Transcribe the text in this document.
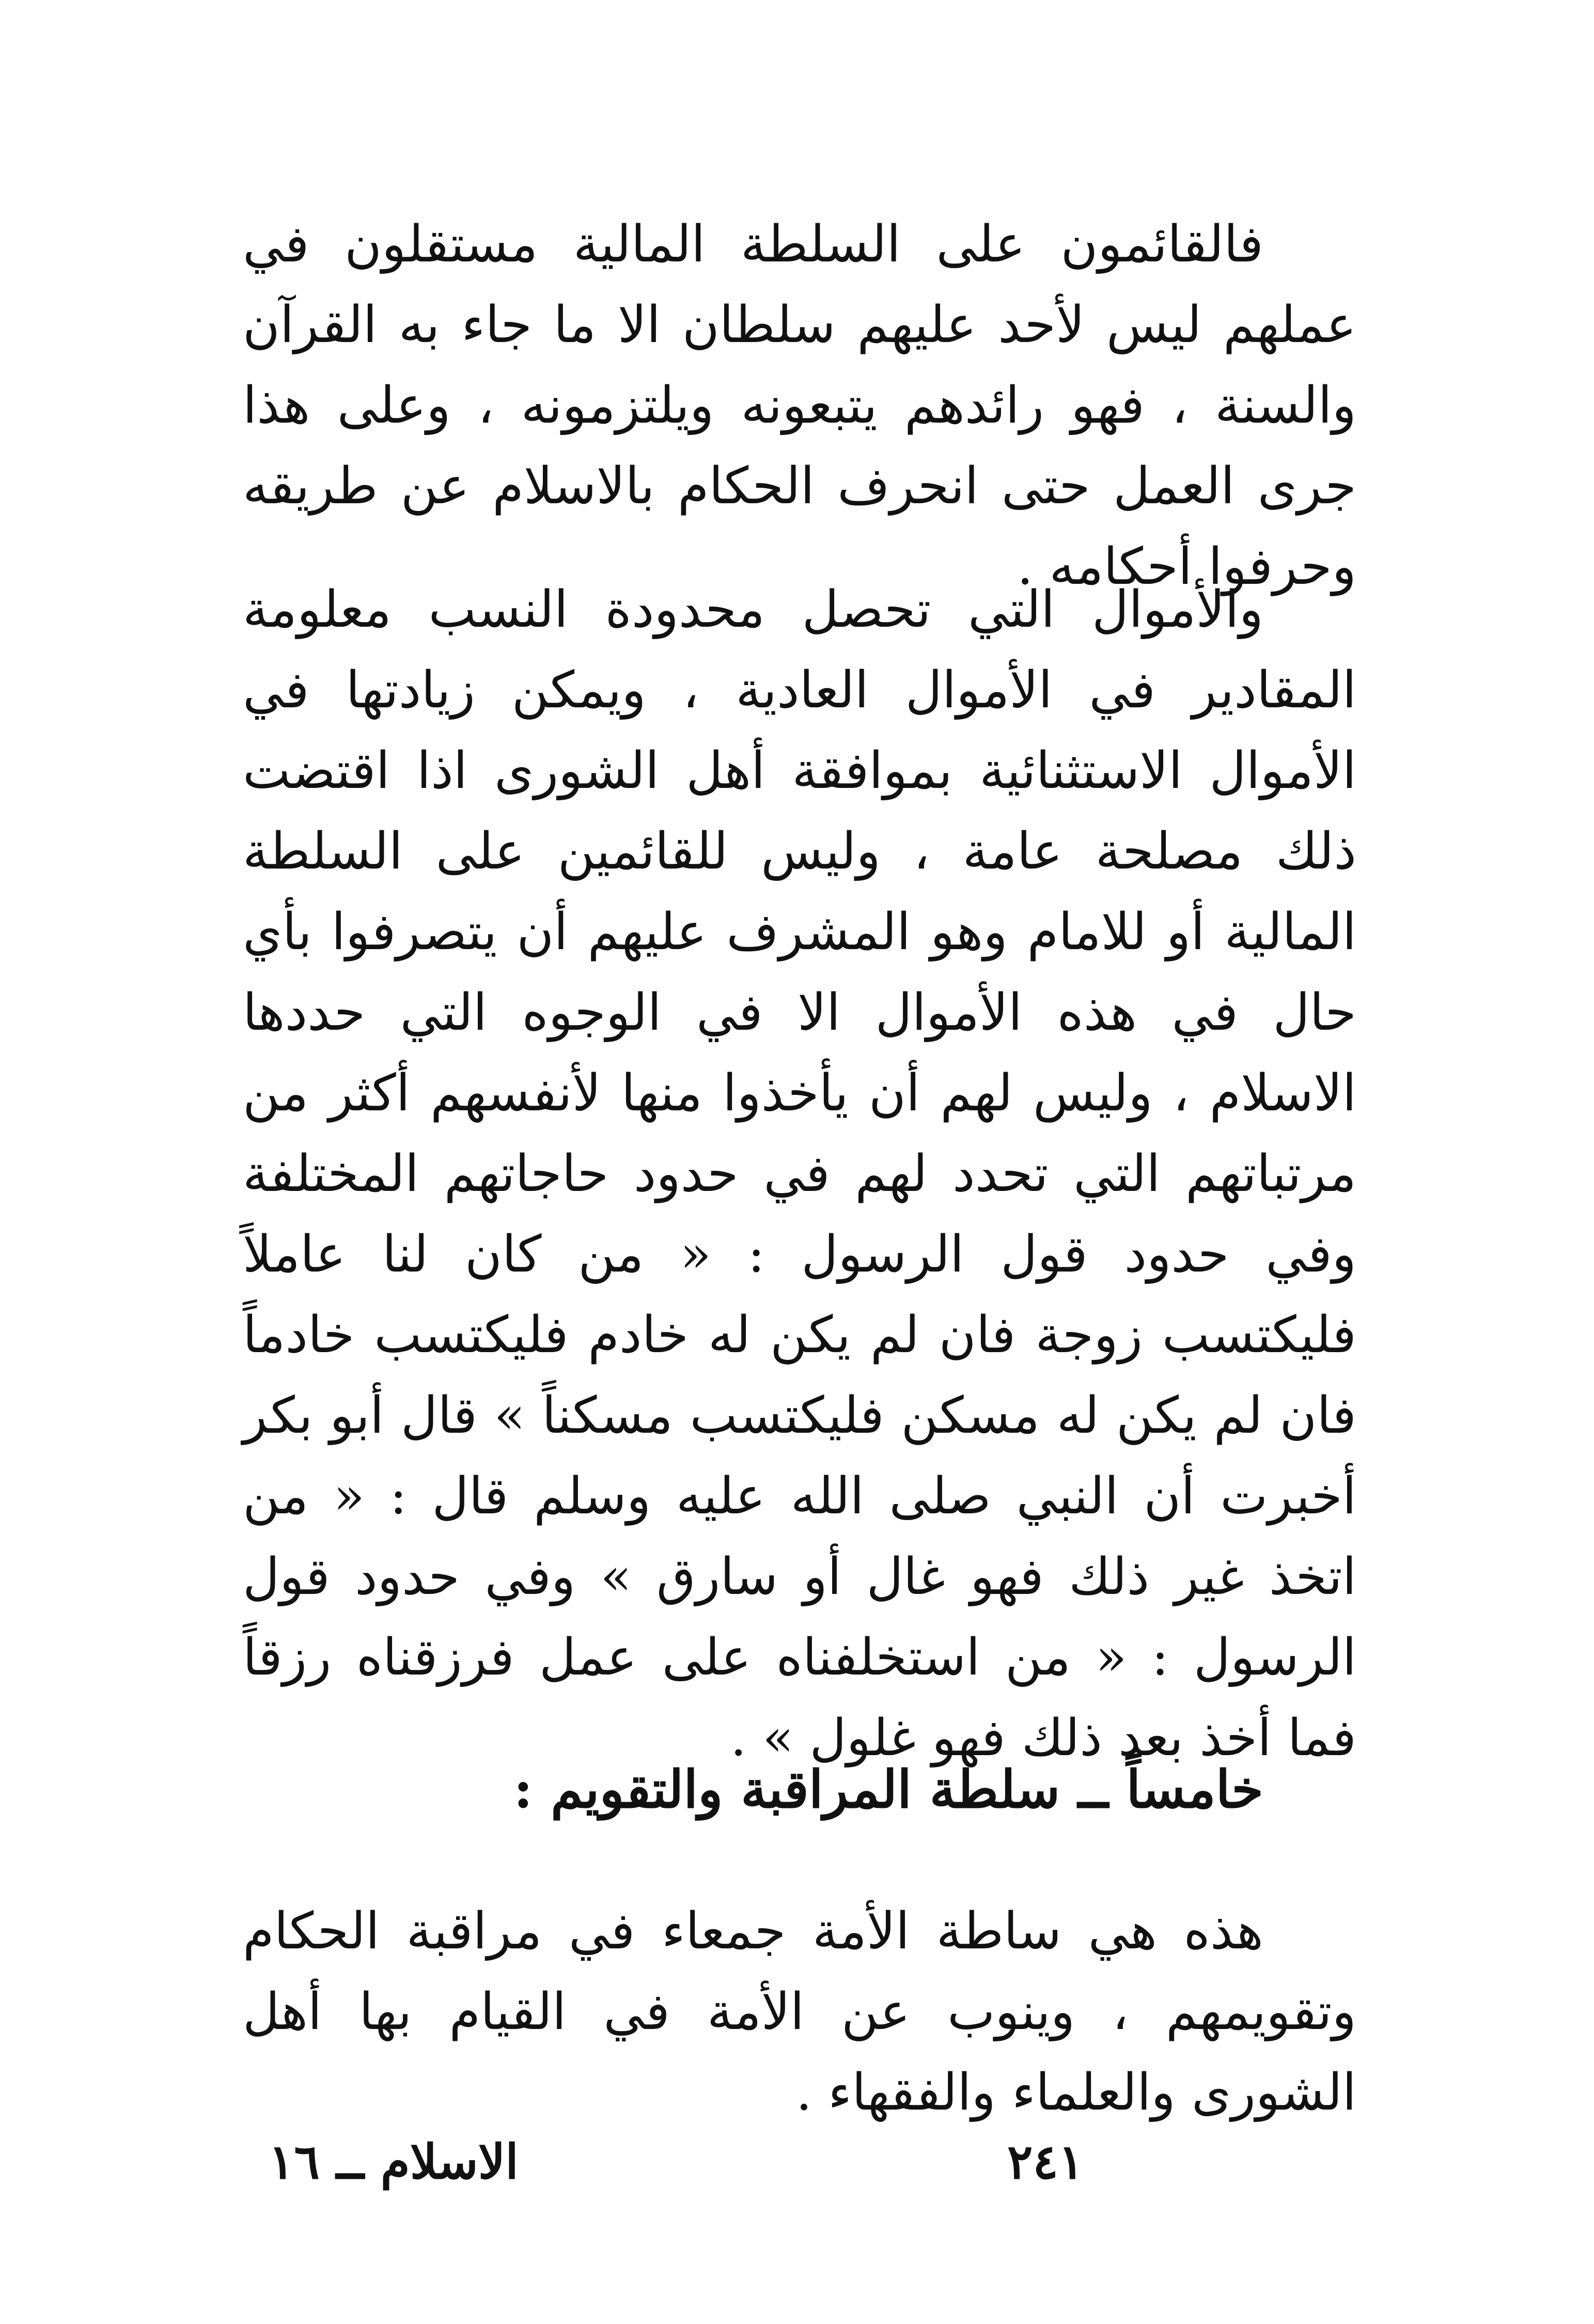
فالقائمون على السلطة المالية مستقلون في عملهم ليس لأحد عليهم سلطان الا ما جاء به القرآن والسنة ، فهو رائدهم يتبعونه ويلتزمونه ، وعلى هذا جرى العمل حتى انحرف الحكام بالاسلام عن طريقه وحرفوا أحكامه .

والأموال التي تحصل محدودة النسب معلومة المقادير في الأموال العادية ، ويمكن زيادتها في الأموال الاستثنائية بموافقة أهل الشورى اذا اقتضت ذلك مصلحة عامة ، وليس للقائمين على السلطة المالية أو للامام وهو المشرف عليهم أن يتصرفوا بأي حال في هذه الأموال الا في الوجوه التي حددها الاسلام ، وليس لهم أن يأخذوا منها لأنفسهم أكثر من مرتباتهم التي تحدد لهم في حدود حاجاتهم المختلفة وفي حدود قول الرسول : « من كان لنا عاملاً فليكتسب زوجة فان لم يكن له خادم فليكتسب خادماً فان لم يكن له مسكن فليكتسب مسكناً » قال أبو بكر أخبرت أن النبي صلى الله عليه وسلم قال : « من اتخذ غير ذلك فهو غال أو سارق » وفي حدود قول الرسول : « من استخلفناه على عمل فرزقناه رزقاً فما أخذ بعد ذلك فهو غلول » .

خامساً ــ سلطة المراقبة والتقويم :

هذه هي ساطة الأمة جمعاء في مراقبة الحكام وتقويمهم ، وينوب عن الأمة في القيام بها أهل الشورى والعلماء والفقهاء .

٢٤١
الاسلام ــ ١٦
